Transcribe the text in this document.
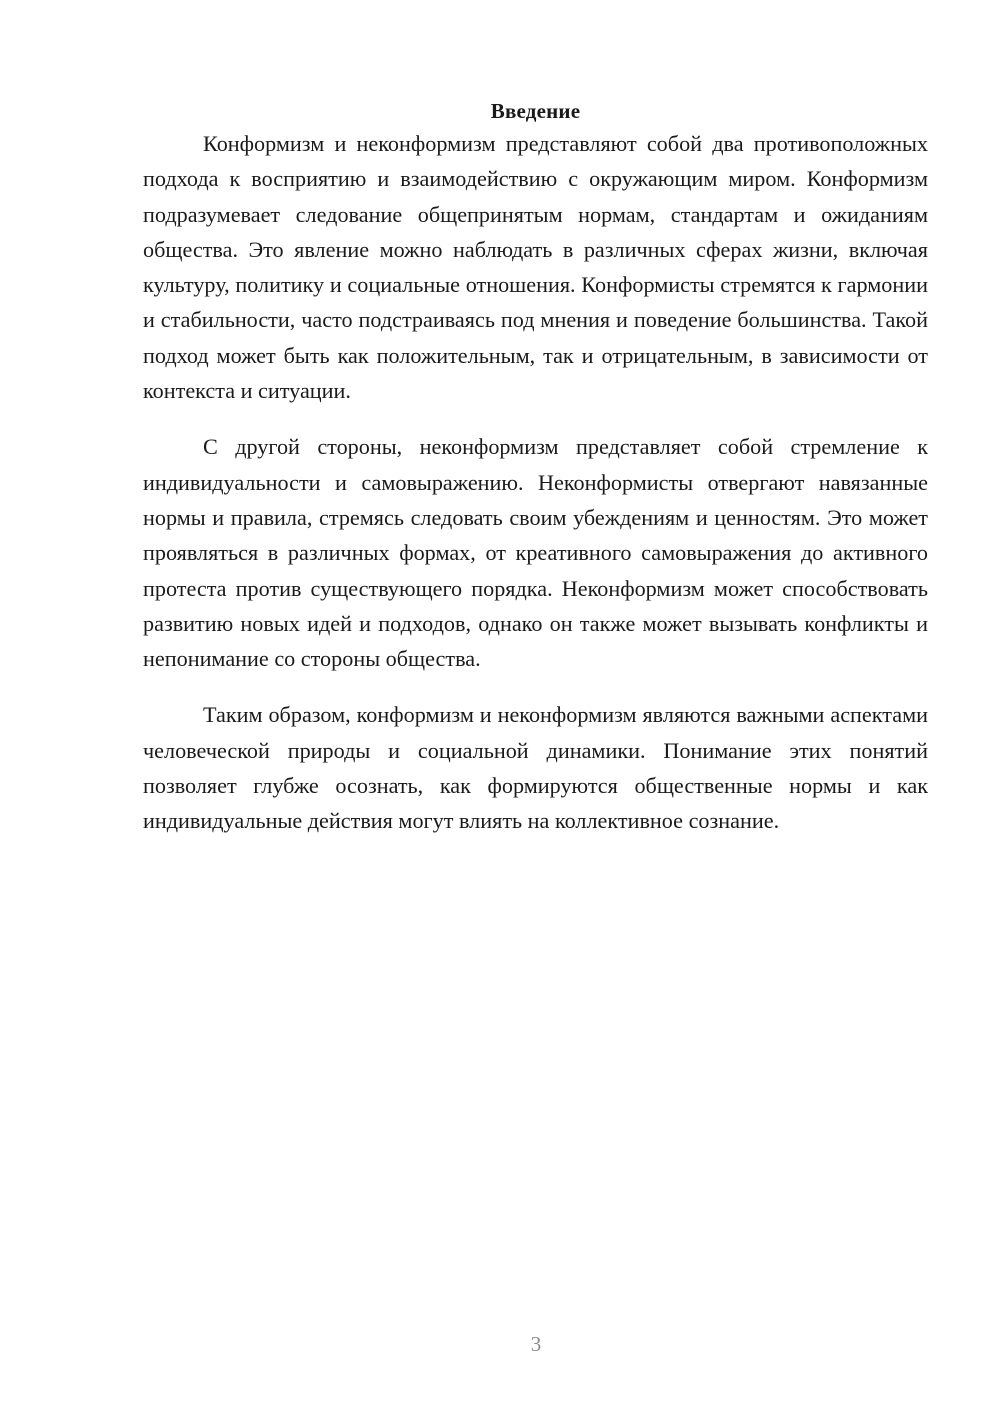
Введение

Конформизм и неконформизм представляют собой два противоположных подхода к восприятию и взаимодействию с окружающим миром. Конформизм подразумевает следование общепринятым нормам, стандартам и ожиданиям общества. Это явление можно наблюдать в различных сферах жизни, включая культуру, политику и социальные отношения. Конформисты стремятся к гармонии и стабильности, часто подстраиваясь под мнения и поведение большинства. Такой подход может быть как положительным, так и отрицательным, в зависимости от контекста и ситуации.

С другой стороны, неконформизм представляет собой стремление к индивидуальности и самовыражению. Неконформисты отвергают навязанные нормы и правила, стремясь следовать своим убеждениям и ценностям. Это может проявляться в различных формах, от креативного самовыражения до активного протеста против существующего порядка. Неконформизм может способствовать развитию новых идей и подходов, однако он также может вызывать конфликты и непонимание со стороны общества.

Таким образом, конформизм и неконформизм являются важными аспектами человеческой природы и социальной динамики. Понимание этих понятий позволяет глубже осознать, как формируются общественные нормы и как индивидуальные действия могут влиять на коллективное сознание.

3
